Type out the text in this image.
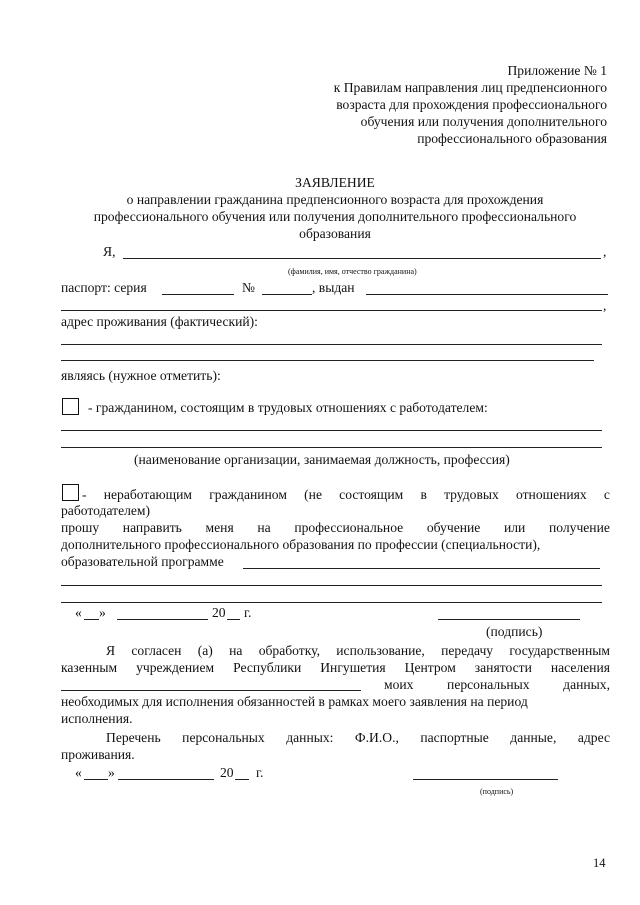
Приложение № 1
к Правилам направления лиц предпенсионного
возраста для прохождения профессионального
обучения или получения дополнительного
профессионального образования
ЗАЯВЛЕНИЕ
о направлении гражданина предпенсионного возраста для прохождения
профессионального обучения или получения дополнительного профессионального
образования
Я,	,
(фамилия, имя, отчество гражданина)
паспорт: серия	№	, выдан
,
адрес проживания (фактический):
являясь (нужное отметить):
- гражданином, состоящим в трудовых отношениях с работодателем:
(наименование организации, занимаемая должность, профессия)
- неработающим гражданином (не состоящим в трудовых отношениях с
работодателем)
прошу направить меня на профессиональное обучение или получение
дополнительного профессионального образования по профессии (специальности),
образовательной программе
« »	20 г.
(подпись)
Я согласен (а) на обработку, использование, передачу государственным
казенным учреждением Республики Ингушетия Центром занятости населения
моих персональных данных,
необходимых для исполнения обязанностей в рамках моего заявления на период
исполнения.
Перечень персональных данных: Ф.И.О., паспортные данные, адрес
проживания.
« »	20 г.
(подпись)
14
